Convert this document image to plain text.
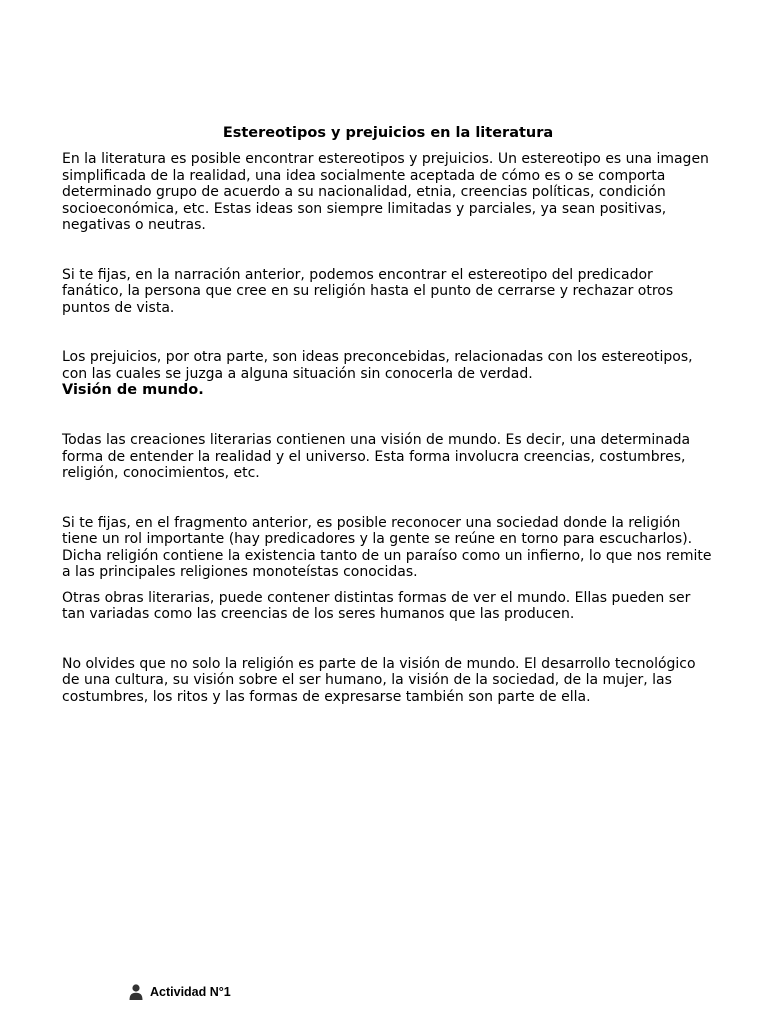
Estereotipos y prejuicios en la literatura

En la literatura es posible encontrar estereotipos y prejuicios. Un estereotipo es una imagen simplificada de la realidad, una idea socialmente aceptada de cómo es o se comporta determinado grupo de acuerdo a su nacionalidad, etnia, creencias políticas, condición socioeconómica, etc. Estas ideas son siempre limitadas y parciales, ya sean positivas, negativas o neutras.

Si te fijas, en la narración anterior, podemos encontrar el estereotipo del predicador fanático, la persona que cree en su religión hasta el punto de cerrarse y rechazar otros puntos de vista.

Los prejuicios, por otra parte, son ideas preconcebidas, relacionadas con los estereotipos, con las cuales se juzga a alguna situación sin conocerla de verdad.

Visión de mundo.

Todas las creaciones literarias contienen una visión de mundo. Es decir, una determinada forma de entender la realidad y el universo. Esta forma involucra creencias, costumbres, religión, conocimientos, etc.

Si te fijas, en el fragmento anterior, es posible reconocer una sociedad donde la religión tiene un rol importante (hay predicadores y la gente se reúne en torno para escucharlos). Dicha religión contiene la existencia tanto de un paraíso como un infierno, lo que nos remite a las principales religiones monoteístas conocidas.

Otras obras literarias, puede contener distintas formas de ver el mundo. Ellas pueden ser tan variadas como las creencias de los seres humanos que las producen.

No olvides que no solo la religión es parte de la visión de mundo. El desarrollo tecnológico de una cultura, su visión sobre el ser humano, la visión de la sociedad, de la mujer, las costumbres, los ritos y las formas de expresarse también son parte de ella.

Actividad N°1
